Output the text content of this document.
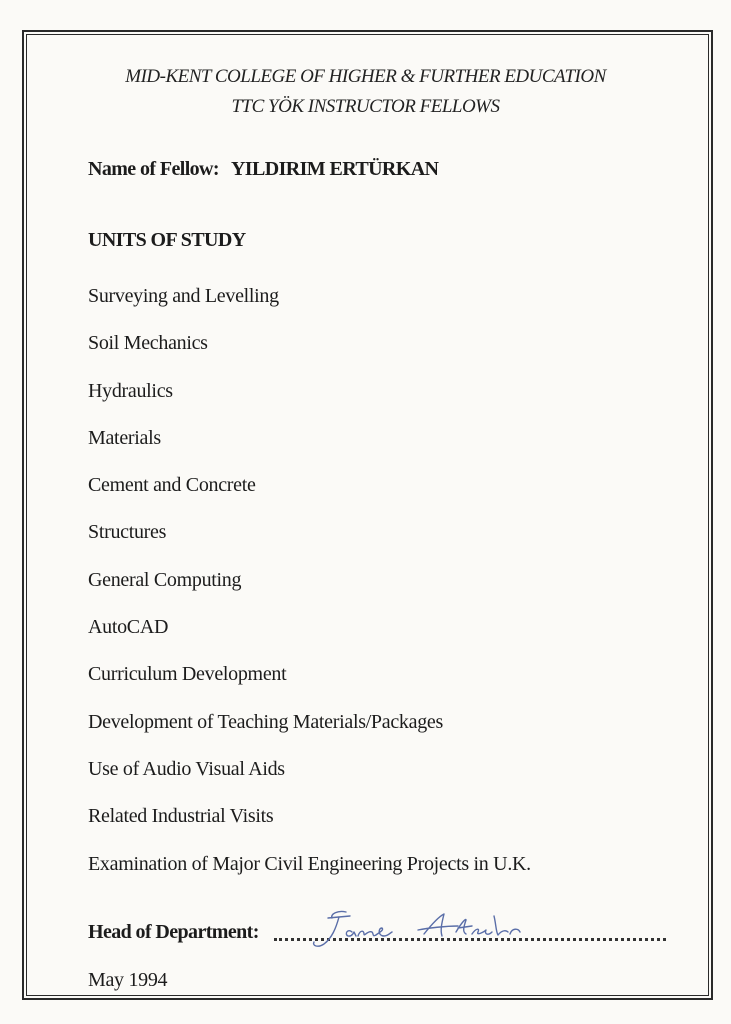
MID-KENT COLLEGE OF HIGHER & FURTHER EDUCATION
TTC YÖK INSTRUCTOR FELLOWS
Name of Fellow: YILDIRIM ERTÜRKAN
UNITS OF STUDY
Surveying and Levelling
Soil Mechanics
Hydraulics
Materials
Cement and Concrete
Structures
General Computing
AutoCAD
Curriculum Development
Development of Teaching Materials/Packages
Use of Audio Visual Aids
Related Industrial Visits
Examination of Major Civil Engineering Projects in U.K.
Head of Department:
May 1994
